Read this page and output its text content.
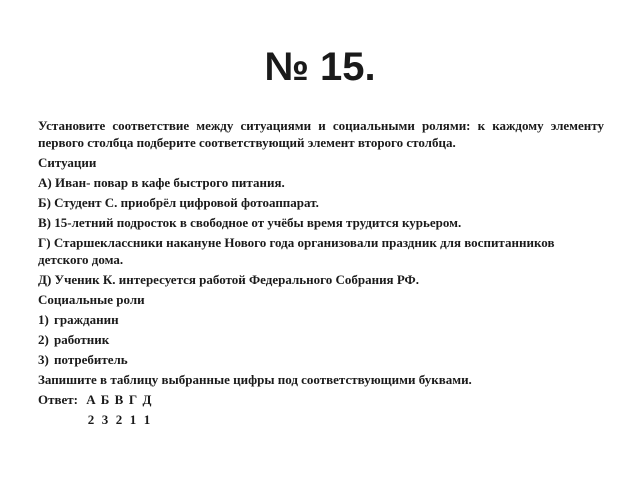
№ 15.

Установите соответствие между ситуациями и социальными ролями: к каждому элементу первого столбца подберите соответствующий элемент второго столбца.

Ситуации

А) Иван- повар в кафе быстрого питания.

Б) Студент С. приобрёл цифровой фотоаппарат.

В) 15-летний подросток в свободное от учёбы время трудится курьером.

Г) Старшеклассники накануне Нового года организовали праздник для воспитанников детского дома.

Д) Ученик К. интересуется работой Федерального Собрания РФ.

Социальные роли

1) гражданин
2) работник
3) потребитель

Запишите в таблицу выбранные цифры под соответствующими буквами.

Ответ: А Б В Г Д
2 3 2 1 1
